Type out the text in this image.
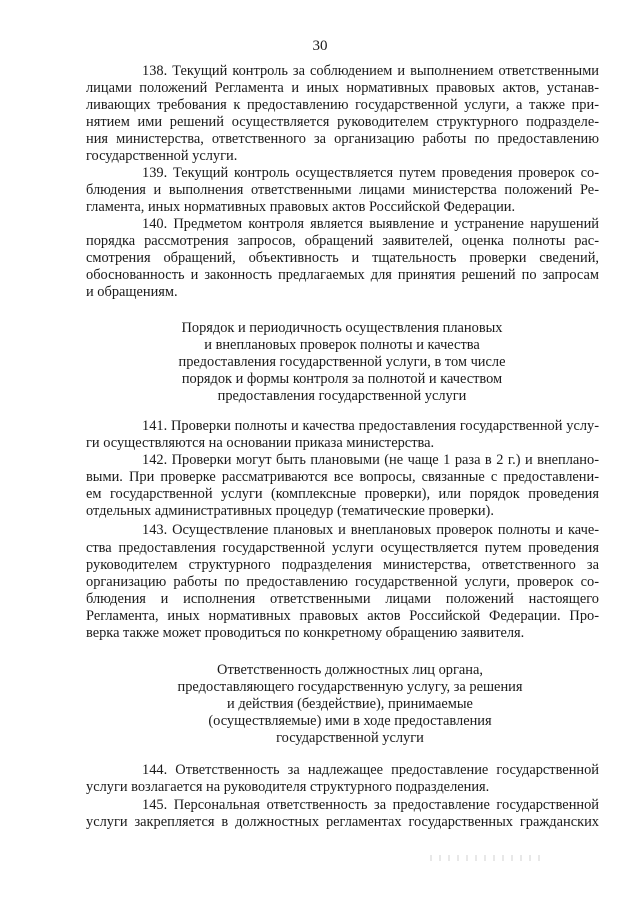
30
138. Текущий контроль за соблюдением и выполнением ответственными
лицами положений Регламента и иных нормативных правовых актов, устанав-
ливающих требования к предоставлению государственной услуги, а также при-
нятием ими решений осуществляется руководителем структурного подразделе-
ния министерства, ответственного за организацию работы по предоставлению
государственной услуги.
139. Текущий контроль осуществляется путем проведения проверок со-
блюдения и выполнения ответственными лицами министерства положений Ре-
гламента, иных нормативных правовых актов Российской Федерации.
140. Предметом контроля является выявление и устранение нарушений
порядка рассмотрения запросов, обращений заявителей, оценка полноты рас-
смотрения обращений, объективность и тщательность проверки сведений,
обоснованность и законность предлагаемых для принятия решений по запросам
и обращениям.
Порядок и периодичность осуществления плановых
и внеплановых проверок полноты и качества
предоставления государственной услуги, в том числе
порядок и формы контроля за полнотой и качеством
предоставления государственной услуги
141. Проверки полноты и качества предоставления государственной услу-
ги осуществляются на основании приказа министерства.
142. Проверки могут быть плановыми (не чаще 1 раза в 2 г.) и внеплано-
выми. При проверке рассматриваются все вопросы, связанные с предоставлени-
ем государственной услуги (комплексные проверки), или порядок проведения
отдельных административных процедур (тематические проверки).
143. Осуществление плановых и внеплановых проверок полноты и каче-
ства предоставления государственной услуги осуществляется путем проведения
руководителем структурного подразделения министерства, ответственного за
организацию работы по предоставлению государственной услуги, проверок со-
блюдения и исполнения ответственными лицами положений настоящего
Регламента, иных нормативных правовых актов Российской Федерации. Про-
верка также может проводиться по конкретному обращению заявителя.
Ответственность должностных лиц органа,
предоставляющего государственную услугу, за решения
и действия (бездействие), принимаемые
(осуществляемые) ими в ходе предоставления
государственной услуги
144. Ответственность за надлежащее предоставление государственной
услуги возлагается на руководителя структурного подразделения.
145. Персональная ответственность за предоставление государственной
услуги закрепляется в должностных регламентах государственных гражданских
